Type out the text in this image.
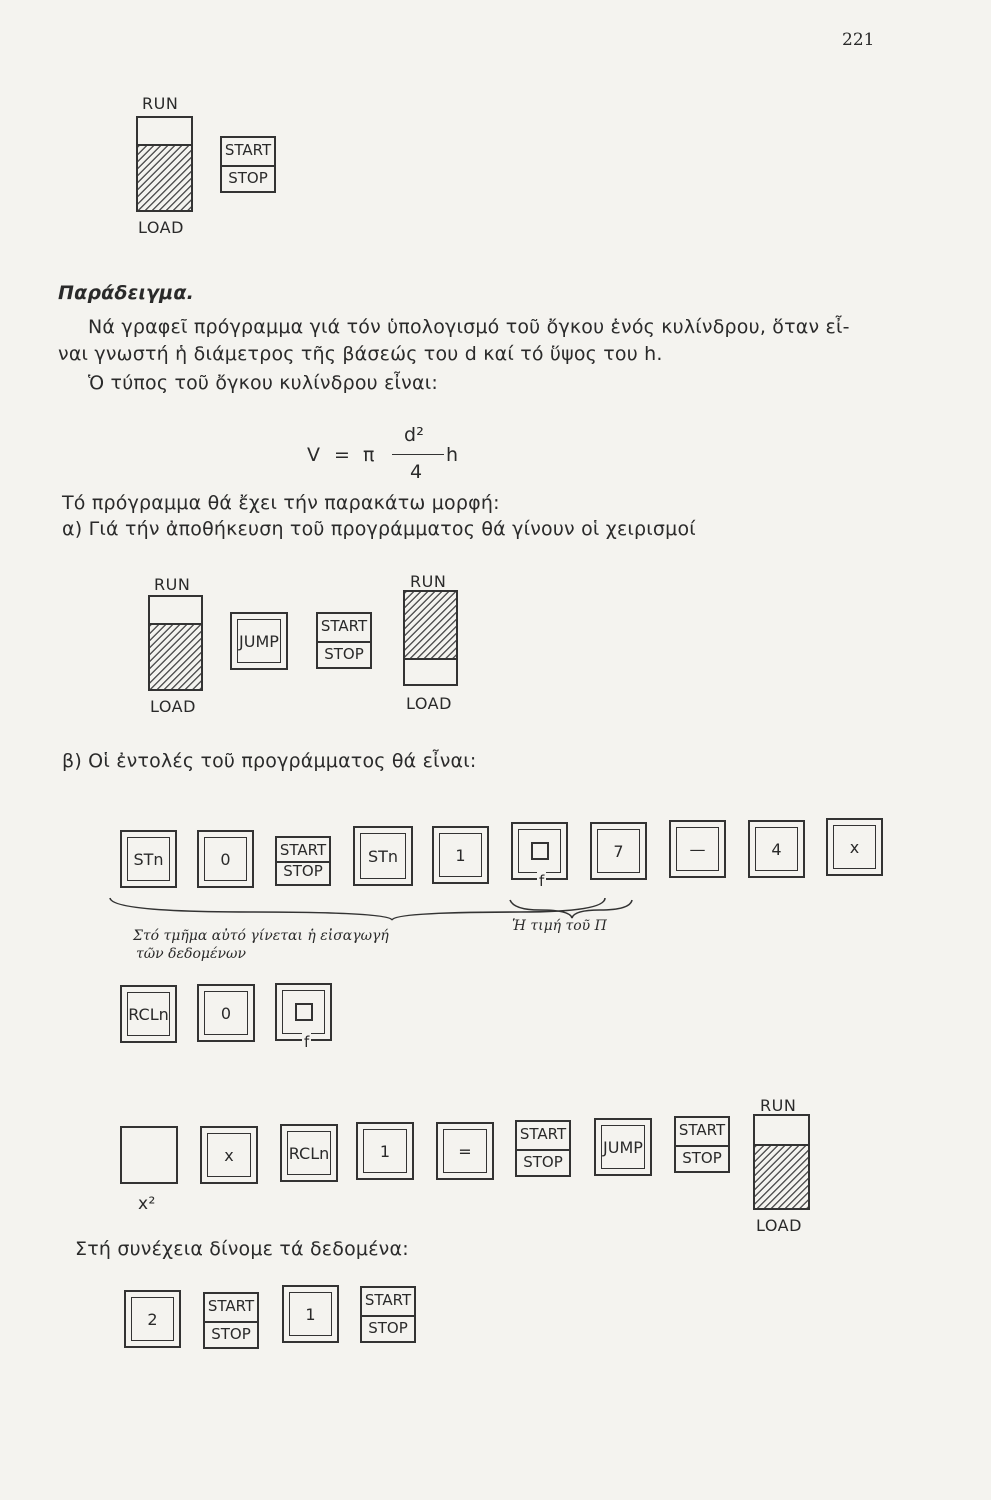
221
RUN
LOAD
START
STOP
Παράδειγμα.
Νά γραφεῖ πρόγραμμα γιά τόν ὑπολογισμό τοῦ ὄγκου ἑνός κυλίνδρου, ὅταν εἶ-
ναι γνωστή ἡ διάμετρος τῆς βάσεώς του d καί τό ὕψος του h.
Ὁ τύπος τοῦ ὄγκου κυλίνδρου εἶναι:
V = π
d²
4
h
Τό πρόγραμμα θά ἔχει τήν παρακάτω μορφή:
α) Γιά τήν ἀποθήκευση τοῦ προγράμματος θά γίνουν οἱ χειρισμοί
RUN
LOAD
JUMP
START
STOP
RUN
LOAD
β) Οἱ ἐντολές τοῦ προγράμματος θά εἶναι:
STn	0	START
STOP
STn	1
f
7	—	4	x
Στό τμῆμα αὐτό γίνεται ἡ εἰσαγωγή
τῶν δεδομένων
Ἡ τιμή τοῦ Π
RCLn	0
f
x²
x	RCLn	1	=
START
STOP
JUMP
START
STOP
RUN
LOAD
Στή συνέχεια δίνομε τά δεδομένα:
2
START
STOP
1
START
STOP
